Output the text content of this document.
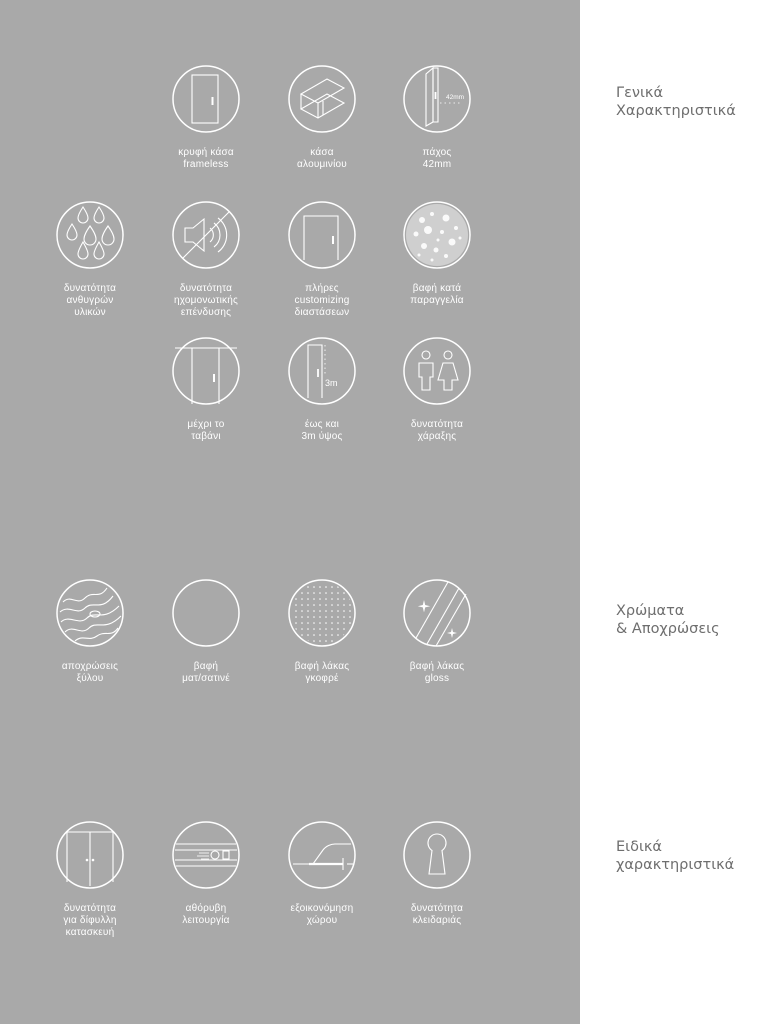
Γενικά
Χαρακτηριστικά
Χρώματα
& Αποχρώσεις
Ειδικά
χαρακτηριστικά
κρυφή κάσα
frameless
κάσα
αλουμινίου
42mm
πάχος
42mm
δυνατότητα
ανθυγρών
υλικών
δυνατότητα
ηχομονωτικής
επένδυσης
πλήρες
customizing
διαστάσεων
βαφή κατά
παραγγελία
μέχρι το
ταβάνι
3m
έως και
3m ύψος
δυνατότητα
χάραξης
αποχρώσεις
ξύλου
βαφή
ματ/σατινέ
βαφή λάκας
γκοφρέ
βαφή λάκας
gloss
δυνατότητα
για δίφυλλη
κατασκευή
αθόρυβη
λειτουργία
εξοικονόμηση
χώρου
δυνατότητα
κλειδαριάς
